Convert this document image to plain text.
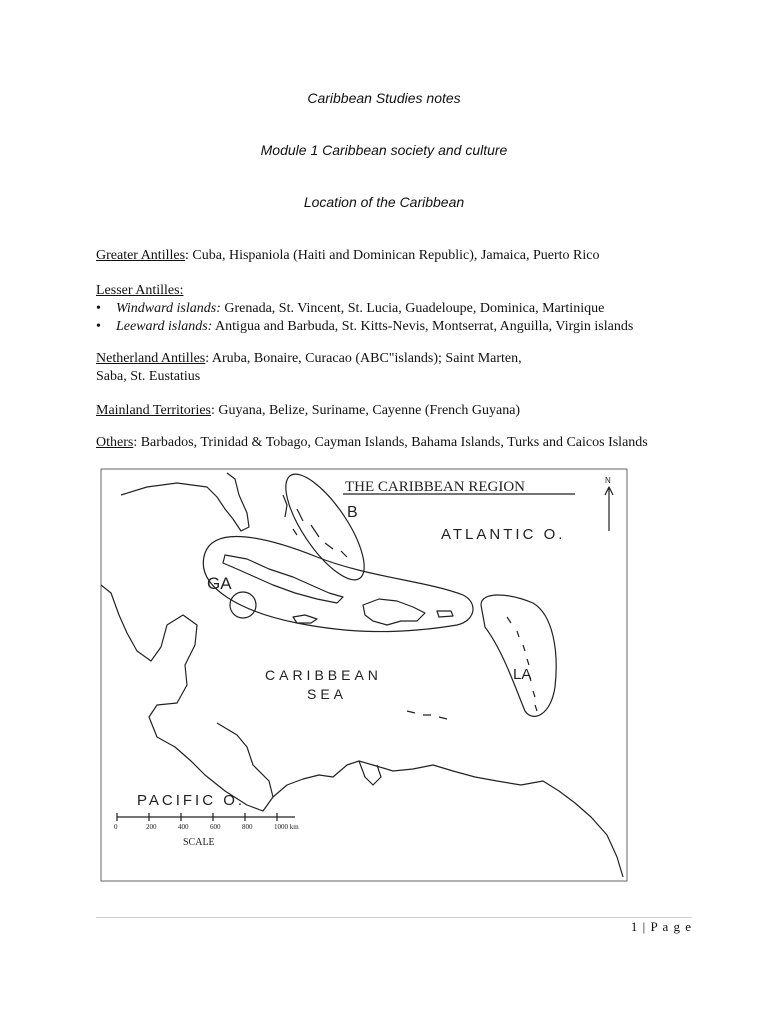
Caribbean Studies notes
Module 1 Caribbean society and culture
Location of the Caribbean
Greater Antilles: Cuba, Hispaniola (Haiti and Dominican Republic), Jamaica, Puerto Rico
Lesser Antilles:
• Windward islands: Grenada, St. Vincent, St. Lucia, Guadeloupe, Dominica, Martinique
• Leeward islands: Antigua and Barbuda, St. Kitts-Nevis, Montserrat, Anguilla, Virgin islands
Netherland Antilles: Aruba, Bonaire, Curacao (ABC"islands); Saint Marten,
Saba, St. Eustatius
Mainland Territories: Guyana, Belize, Suriname, Cayenne (French Guyana)
Others: Barbados, Trinidad & Tobago, Cayman Islands, Bahama Islands, Turks and Caicos Islands
THE CARIBBEAN REGION
B
ATLANTIC O.
GA
CARIBBEAN
SEA
LA
PACIFIC O.
SCALE
N
0	200	400	600	800	1000 km
1 | P a g e
